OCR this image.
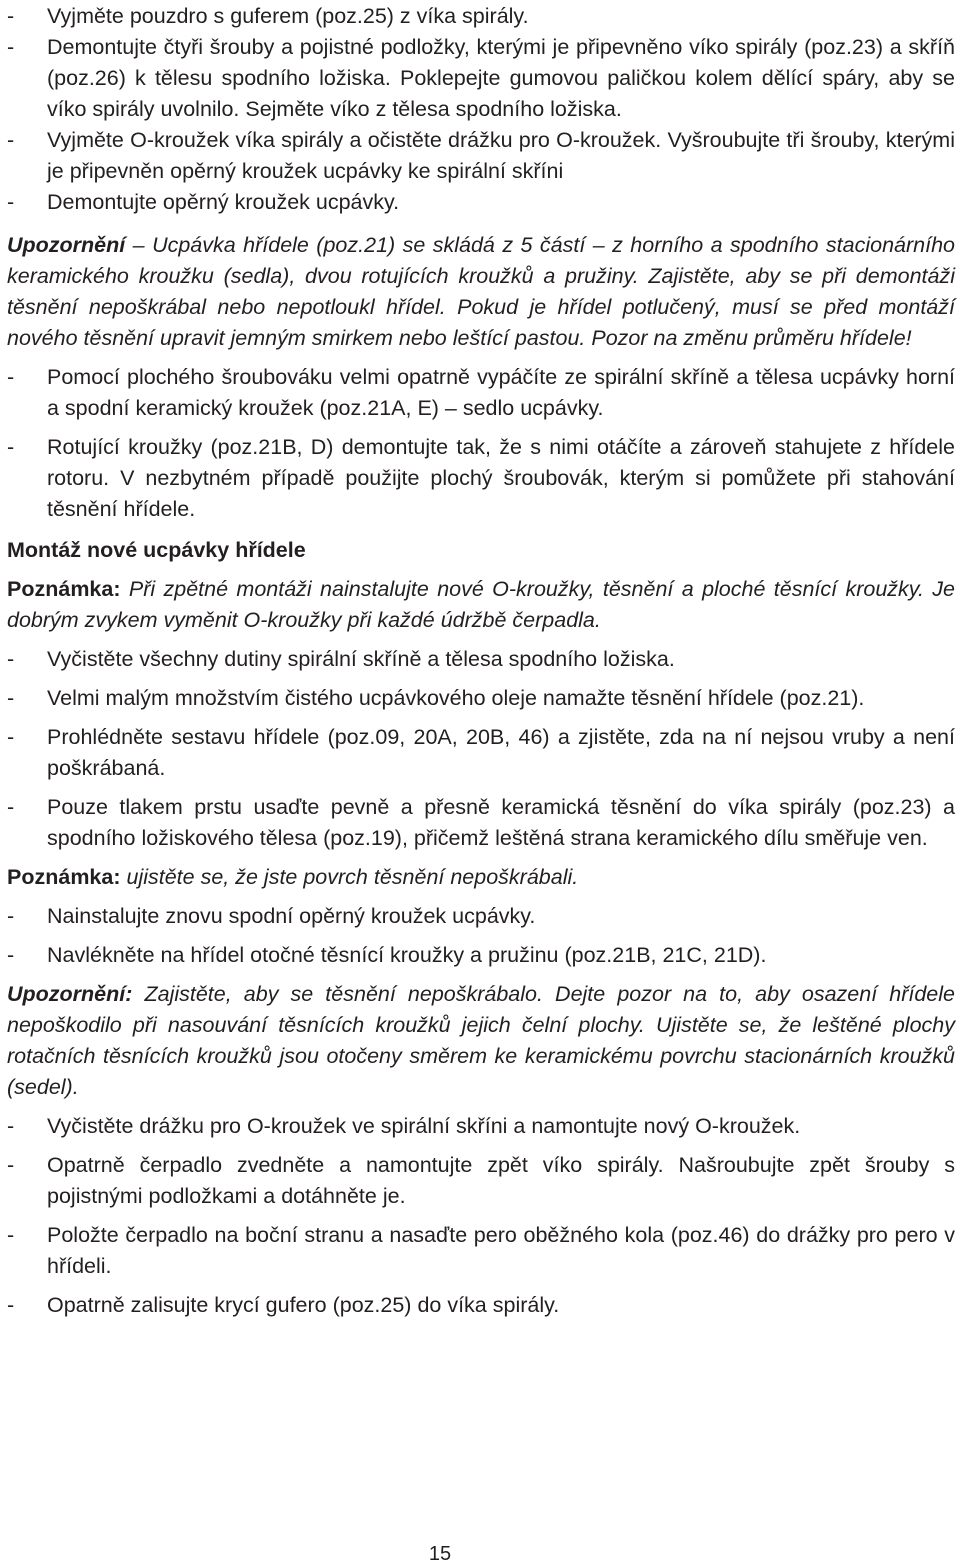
-	Vyjměte pouzdro s guferem (poz.25) z víka spirály.
-	Demontujte čtyři šrouby a pojistné podložky, kterými je připevněno víko spirály (poz.23) a skříň (poz.26) k tělesu spodního ložiska. Poklepejte gumovou paličkou kolem dělící spáry, aby se víko spirály uvolnilo. Sejměte víko z tělesa spodního ložiska.
-	Vyjměte O-kroužek víka spirály a očistěte drážku pro O-kroužek. Vyšroubujte tři šrouby, kterými je připevněn opěrný kroužek ucpávky ke spirální skříni
-	Demontujte opěrný kroužek ucpávky.
Upozornění – Ucpávka hřídele (poz.21) se skládá z 5 částí – z horního a spodního stacionárního keramického kroužku (sedla), dvou rotujících kroužků a pružiny. Zajistěte, aby se při demontáži těsnění nepoškrábal nebo nepotloukl hřídel. Pokud je hřídel potlučený, musí se před montáží nového těsnění upravit jemným smirkem nebo leštící pastou. Pozor na změnu průměru hřídele!
-	Pomocí plochého šroubováku velmi opatrně vypáčíte ze spirální skříně a tělesa ucpávky horní a spodní keramický kroužek (poz.21A, E) – sedlo ucpávky.
-	Rotující kroužky (poz.21B, D) demontujte tak, že s nimi otáčíte a zároveň stahujete z hřídele rotoru. V nezbytném případě použijte plochý šroubovák, kterým si pomůžete při stahování těsnění hřídele.
Montáž nové ucpávky hřídele
Poznámka: Při zpětné montáži nainstalujte nové O-kroužky, těsnění a ploché těsnící kroužky. Je dobrým zvykem vyměnit O-kroužky při každé údržbě čerpadla.
-	Vyčistěte všechny dutiny spirální skříně a tělesa spodního ložiska.
-	Velmi malým množstvím čistého ucpávkového oleje namažte těsnění hřídele (poz.21).
-	Prohlédněte sestavu hřídele (poz.09, 20A, 20B, 46) a zjistěte, zda na ní nejsou vruby a není poškrábaná.
-	Pouze tlakem prstu usaďte pevně a přesně keramická těsnění do víka spirály (poz.23) a spodního ložiskového tělesa (poz.19), přičemž leštěná strana keramického dílu směřuje ven.
Poznámka: ujistěte se, že jste povrch těsnění nepoškrábali.
-	Nainstalujte znovu spodní opěrný kroužek ucpávky.
-	Navlékněte na hřídel otočné těsnící kroužky a pružinu (poz.21B, 21C, 21D).
Upozornění: Zajistěte, aby se těsnění nepoškrábalo. Dejte pozor na to, aby osazení hřídele nepoškodilo při nasouvání těsnících kroužků jejich čelní plochy. Ujistěte se, že leštěné plochy rotačních těsnících kroužků jsou otočeny směrem ke keramickému povrchu stacionárních kroužků (sedel).
-	Vyčistěte drážku pro O-kroužek ve spirální skříni a namontujte nový O-kroužek.
-	Opatrně čerpadlo zvedněte a namontujte zpět víko spirály. Našroubujte zpět šrouby s pojistnými podložkami a dotáhněte je.
-	Položte čerpadlo na boční stranu a nasaďte pero oběžného kola (poz.46) do drážky pro pero v hřídeli.
-	Opatrně zalisujte krycí gufero (poz.25) do víka spirály.
15
